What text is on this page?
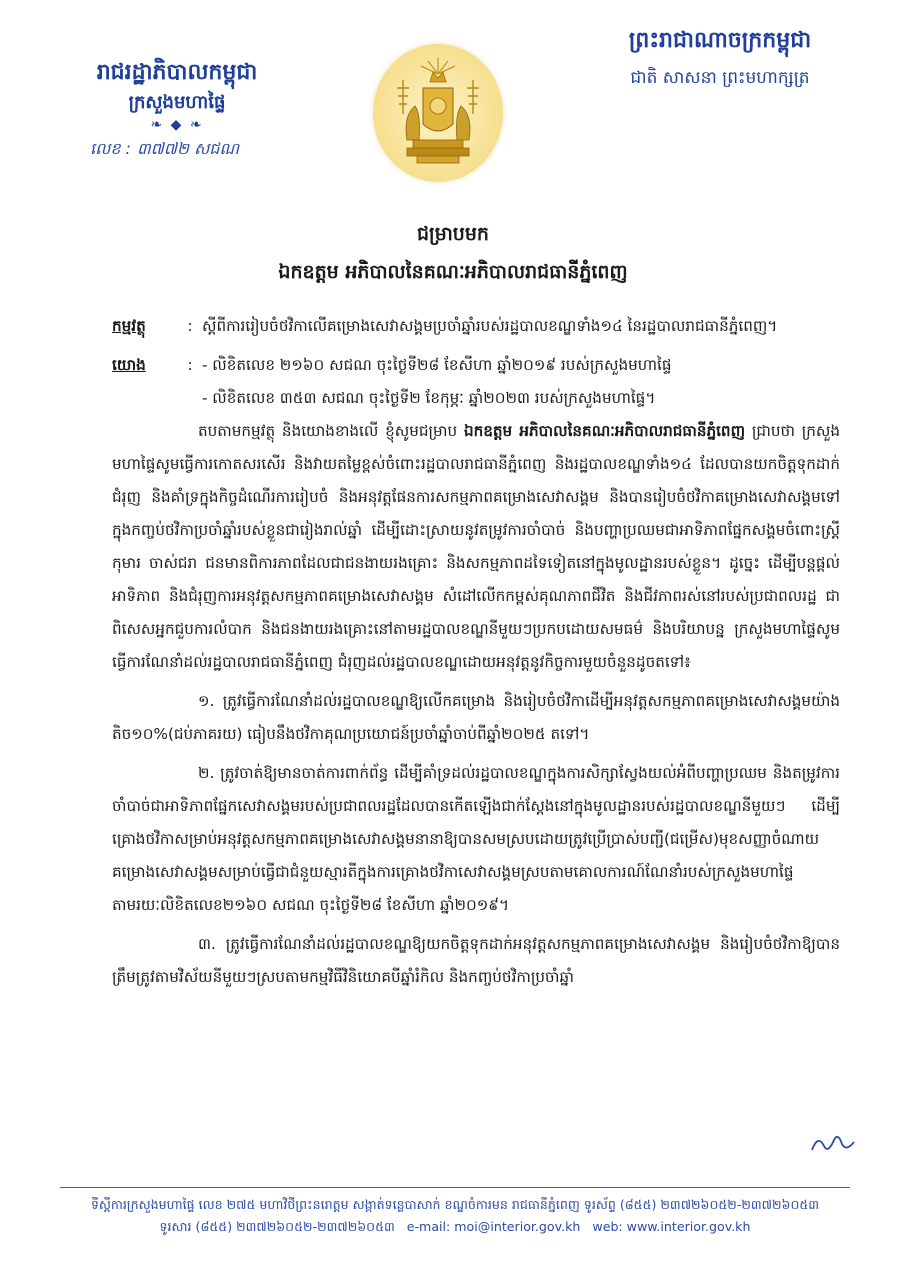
រាជរដ្ឋាភិបាលកម្ពុជា
ក្រសួងមហាផ្ទៃ
❧ ◆ ❧
លេខ : ៣៧៧២ សជណ
ព្រះរាជាណាចក្រកម្ពុជា
ជាតិ សាសនា ព្រះមហាក្សត្រ
ជម្រាបមក
ឯកឧត្តម អភិបាលនៃគណៈអភិបាលរាជធានីភ្នំពេញ
កម្មវត្ថុ	: ស្ដីពីការរៀបចំថវិកាលើគម្រោងសេវាសង្គមប្រចាំឆ្នាំរបស់រដ្ឋបាលខណ្ឌទាំង១៤ នៃរដ្ឋបាលរាជធានីភ្នំពេញ។
យោង	: - លិខិតលេខ ២១៦០ សជណ ចុះថ្ងៃទី២៨ ខែសីហា ឆ្នាំ២០១៩ របស់ក្រសួងមហាផ្ទៃ
- លិខិតលេខ ៣៥៣ សជណ ចុះថ្ងៃទី២ ខែកុម្ភៈ ឆ្នាំ២០២៣ របស់ក្រសួងមហាផ្ទៃ។

តបតាមកម្មវត្ថុ និងយោងខាងលើ ខ្ញុំសូមជម្រាប ឯកឧត្តម អភិបាលនៃគណៈអភិបាលរាជធានីភ្នំពេញ ជ្រាបថា ក្រសួងមហាផ្ទៃសូមធ្វើការកោតសរសើរ និងវាយតម្លៃខ្ពស់ចំពោះរដ្ឋបាលរាជធានីភ្នំពេញ និងរដ្ឋបាលខណ្ឌទាំង១៤ ដែលបានយកចិត្តទុកដាក់ជំរុញ និងគាំទ្រក្នុងកិច្ចដំណើរការរៀបចំ និងអនុវត្តផែនការសកម្មភាពគម្រោងសេវាសង្គម និងបានរៀបចំថវិកាគម្រោងសេវាសង្គមទៅក្នុងកញ្ចប់ថវិកាប្រចាំឆ្នាំរបស់ខ្លួនជារៀងរាល់ឆ្នាំ ដើម្បីដោះស្រាយនូវតម្រូវការចាំបាច់ និងបញ្ហាប្រឈមជាអាទិភាពផ្នែកសង្គមចំពោះស្ត្រី កុមារ ចាស់ជរា ជនមានពិការភាពដែលជាជនងាយរងគ្រោះ និងសកម្មភាពដទៃទៀតនៅក្នុងមូលដ្ឋានរបស់ខ្លួន។ ដូច្នេះ ដើម្បីបន្តផ្ដល់អាទិភាព និងជំរុញការអនុវត្តសកម្មភាពគម្រោងសេវាសង្គម សំដៅលើកកម្ពស់គុណភាពជីវិត និងជីវភាពរស់នៅរបស់ប្រជាពលរដ្ឋ ជាពិសេសអ្នកជួបការលំបាក និងជនងាយរងគ្រោះនៅតាមរដ្ឋបាលខណ្ឌនីមួយៗប្រកបដោយសមធម៌ និងបរិយាបន្ន ក្រសួងមហាផ្ទៃសូមធ្វើការណែនាំដល់រដ្ឋបាលរាជធានីភ្នំពេញ ជំរុញដល់រដ្ឋបាលខណ្ឌដោយអនុវត្តនូវកិច្ចការមួយចំនួនដូចតទៅ៖

១. ត្រូវធ្វើការណែនាំដល់រដ្ឋបាលខណ្ឌឱ្យលើកគម្រោង និងរៀបចំថវិកាដើម្បីអនុវត្តសកម្មភាពគម្រោងសេវាសង្គមយ៉ាងតិច១០%(ជប់ភាគរយ) ធៀបនឹងថវិកាគុណប្រយោជន៍ប្រចាំឆ្នាំចាប់ពីឆ្នាំ២០២៥ តទៅ។

២. ត្រូវចាត់ឱ្យមានចាត់ការពាក់ព័ន្ធ ដើម្បីគាំទ្រដល់រដ្ឋបាលខណ្ឌក្នុងការសិក្សាស្វែងយល់អំពីបញ្ហាប្រឈម និងតម្រូវការចាំបាច់ជាអាទិភាពផ្នែកសេវាសង្គមរបស់ប្រជាពលរដ្ឋដែលបានកើតឡើងជាក់ស្ដែងនៅក្នុងមូលដ្ឋានរបស់រដ្ឋបាលខណ្ឌនីមួយៗ ដើម្បីគ្រោងថវិកាសម្រាប់អនុវត្តសកម្មភាពគម្រោងសេវាសង្គមនានាឱ្យបានសមស្របដោយត្រូវប្រើប្រាស់បញ្ជី(ជម្រើស)មុខសញ្ញាចំណាយគម្រោងសេវាសង្គមសម្រាប់ធ្វើជាជំនួយស្មារតីក្នុងការគ្រោងថវិកាសេវាសង្គមស្របតាមគោលការណ៍ណែនាំរបស់ក្រសួងមហាផ្ទៃតាមរយៈលិខិតលេខ២១៦០ សជណ ចុះថ្ងៃទី២៨ ខែសីហា ឆ្នាំ២០១៩។

៣. ត្រូវធ្វើការណែនាំដល់រដ្ឋបាលខណ្ឌឱ្យយកចិត្តទុកដាក់អនុវត្តសកម្មភាពគម្រោងសេវាសង្គម និងរៀបចំថវិកាឱ្យបានត្រឹមត្រូវតាមវិស័យនីមួយៗស្របតាមកម្មវិធីវិនិយោគបីឆ្នាំរំកិល និងកញ្ចប់ថវិកាប្រចាំឆ្នាំ

ទីស្ដីការក្រសួងមហាផ្ទៃ លេខ ២៧៥ មហាវិថីព្រះនរោត្ដម សង្កាត់ទន្លេបាសាក់ ខណ្ឌចំការមន រាជធានីភ្នំពេញ ទូរស័ព្ទ (៨៥៥) ២៣៧២៦០៥២-២៣៧២៦០៥៣
ទូរសារ (៨៥៥) ២៣៧២៦០៥២-២៣៧២៦០៥៣ e-mail: moi@interior.gov.kh web: www.interior.gov.kh
